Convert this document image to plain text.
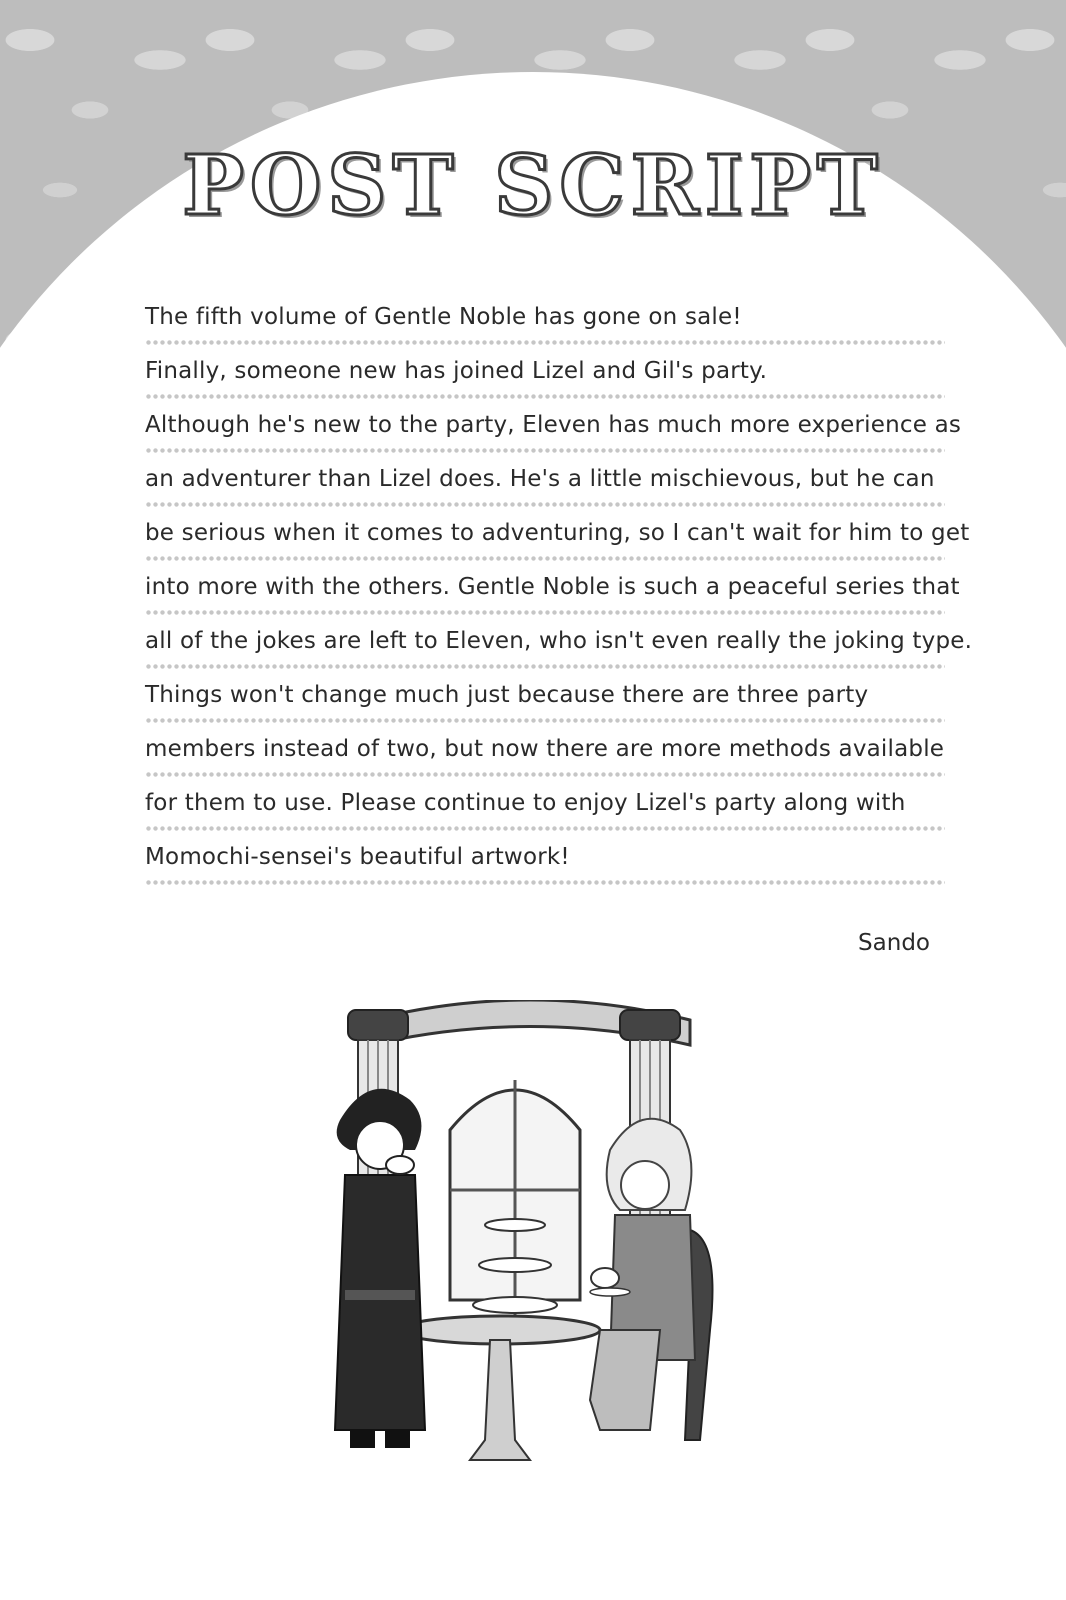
POST SCRIPT
The fifth volume of Gentle Noble has gone on sale!
Finally, someone new has joined Lizel and Gil's party.
Although he's new to the party, Eleven has much more experience as
an adventurer than Lizel does. He's a little mischievous, but he can
be serious when it comes to adventuring, so I can't wait for him to get
into more with the others. Gentle Noble is such a peaceful series that
all of the jokes are left to Eleven, who isn't even really the joking type.
Things won't change much just because there are three party
members instead of two, but now there are more methods available
for them to use. Please continue to enjoy Lizel's party along with
Momochi-sensei's beautiful artwork!
Sando
